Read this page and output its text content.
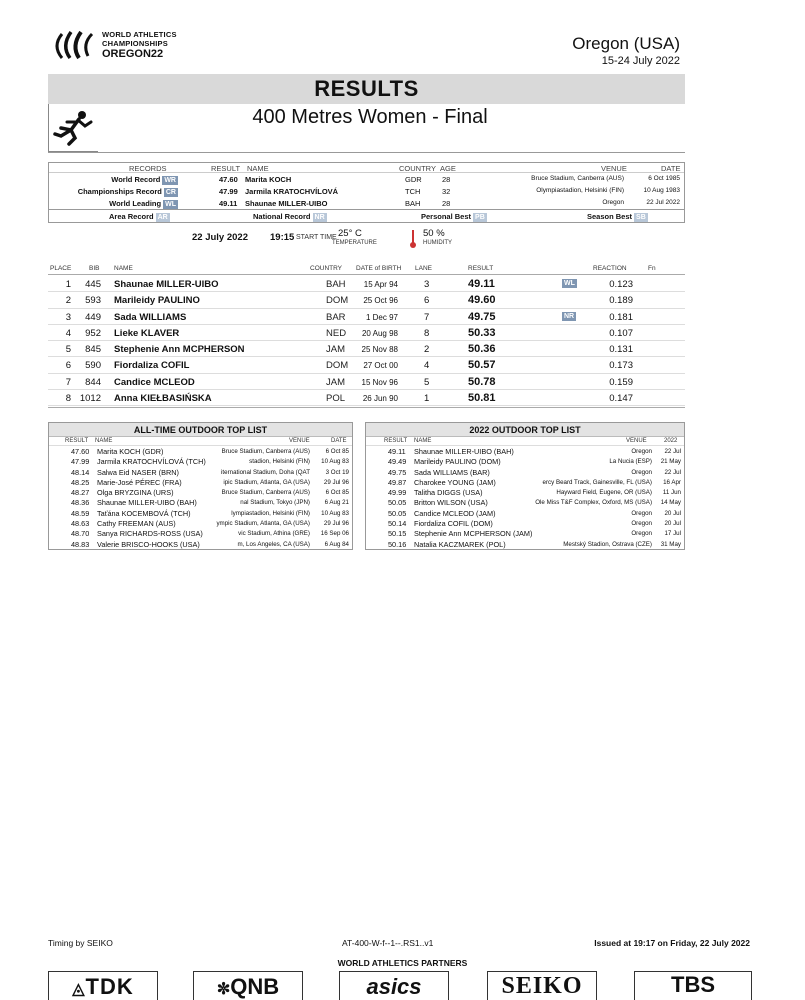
WORLD ATHLETICS
CHAMPIONSHIPS
OREGON22
Oregon (USA)
15-24 July 2022
RESULTS
400 Metres Women - Final
RECORDS	RESULT NAME	COUNTRY AGE	VENUE	DATE
World Record WR	47.60 Marita KOCH	GDR	28	Bruce Stadium, Canberra (AUS)	6 Oct 1985
Championships Record CR	47.99 Jarmila KRATOCHVÍLOVÁ	TCH	32	Olympiastadion, Helsinki (FIN)	10 Aug 1983
World Leading WL	49.11 Shaunae MILLER-UIBO	BAH	28	Oregon	22 Jul 2022
Area Record AR	National Record NR	Personal Best PB	Season Best SB
22 July 2022 19:15 START TIME 25° C
TEMPERATURE
50 %
HUMIDITY
PLACE	BIB NAME	COUNTRY DATE of BIRTH LANE	RESULT	REACTION	Fn
1 445 Shaunae MILLER-UIBO	BAH 15 Apr 94	3	49.11	WL	0.123
2 593 Marileidy PAULINO	DOM 25 Oct 96	6	49.60	0.189
3 449 Sada WILLIAMS	BAR	1 Dec 97	7	49.75	NR	0.181
4 952 Lieke KLAVER	NED 20 Aug 98	8	50.33	0.107
5 845 Stephenie Ann MCPHERSON	JAM 25 Nov 88	2	50.36	0.131
6 590 Fiordaliza COFIL	DOM 27 Oct 00	4	50.57	0.173
7 844 Candice MCLEOD	JAM 15 Nov 96	5	50.78	0.159
8 1012 Anna KIEŁBASIŃSKA	POL 26 Jun 90	1	50.81	0.147
ALL-TIME OUTDOOR TOP LIST
RESULT NAME	VENUE	DATE
47.60 Marita KOCH (GDR)	Bruce Stadium, Canberra (AUS)	6 Oct 85
47.99 Jarmila KRATOCHVÍLOVÁ (TCH)	stadion, Helsinki (FIN) 10 Aug 83
48.14 Salwa Eid NASER (BRN)	iternational Stadium, Doha (QAT	3 Oct 19
48.25 Marie-José PÉREC (FRA)	ipic Stadium, Atlanta, GA (USA) 29 Jul 96
48.27 Olga BRYZGINA (URS)	Bruce Stadium, Canberra (AUS)	6 Oct 85
48.36 Shaunae MILLER-UIBO (BAH)	nal Stadium, Tokyo (JPN) 6 Aug 21
48.59 Taťána KOCEMBOVÁ (TCH)	lympiastadion, Helsinki (FIN) 10 Aug 83
48.63 Cathy FREEMAN (AUS)	ympic Stadium, Atlanta, GA (USA) 29 Jul 96
48.70 Sanya RICHARDS-ROSS (USA)	vic Stadium, Athina (GRE) 16 Sep 06
48.83 Valerie BRISCO-HOOKS (USA)	m, Los Angeles, CA (USA) 6 Aug 84
2022 OUTDOOR TOP LIST
RESULT NAME	VENUE	2022
49.11 Shaunae MILLER-UIBO (BAH)	Oregon 22 Jul
49.49 Marileidy PAULINO (DOM)	La Nucia (ESP) 21 May
49.75 Sada WILLIAMS (BAR)	Oregon 22 Jul
49.87 Charokee YOUNG (JAM)	ercy Beard Track, Gainesville, FL (USA) 16 Apr
49.99 Talitha DIGGS (USA)	Hayward Field, Eugene, OR (USA) 11 Jun
50.05 Britton WILSON (USA)	Ole Miss T&F Complex, Oxford, MS (USA) 14 May
50.05 Candice MCLEOD (JAM)	Oregon 20 Jul
50.14 Fiordaliza COFIL (DOM)	Oregon 20 Jul
50.15 Stephenie Ann MCPHERSON (JAM)	Oregon 17 Jul
50.16 Natalia KACZMAREK (POL)	Mestský Stadion, Ostrava (CZE) 31 May
Timing by SEIKO	AT-400-W-f--1--.RS1..v1	Issued at 19:17 on Friday, 22 July 2022
WORLD ATHLETICS PARTNERS
◬TDK	✼QNB	asics	SEIKO	TBS
